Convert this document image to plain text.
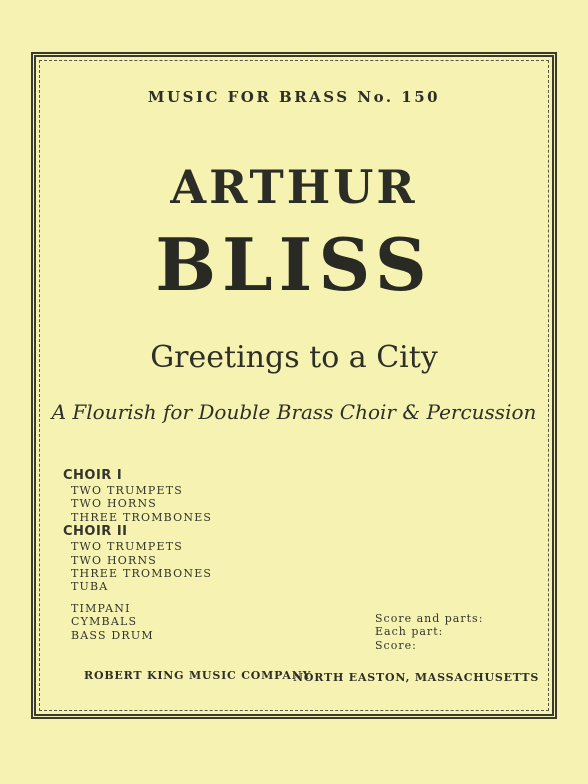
MUSIC FOR BRASS No. 150
ARTHUR
BLISS
Greetings to a City
A Flourish for Double Brass Choir & Percussion
CHOIR I
TWO TRUMPETS
TWO HORNS
THREE TROMBONES
CHOIR II
TWO TRUMPETS
TWO HORNS
THREE TROMBONES
TUBA
TIMPANI
CYMBALS
BASS DRUM
Score and parts:
Each part:
Score:
ROBERT KING MUSIC COMPANY
NORTH EASTON, MASSACHUSETTS
